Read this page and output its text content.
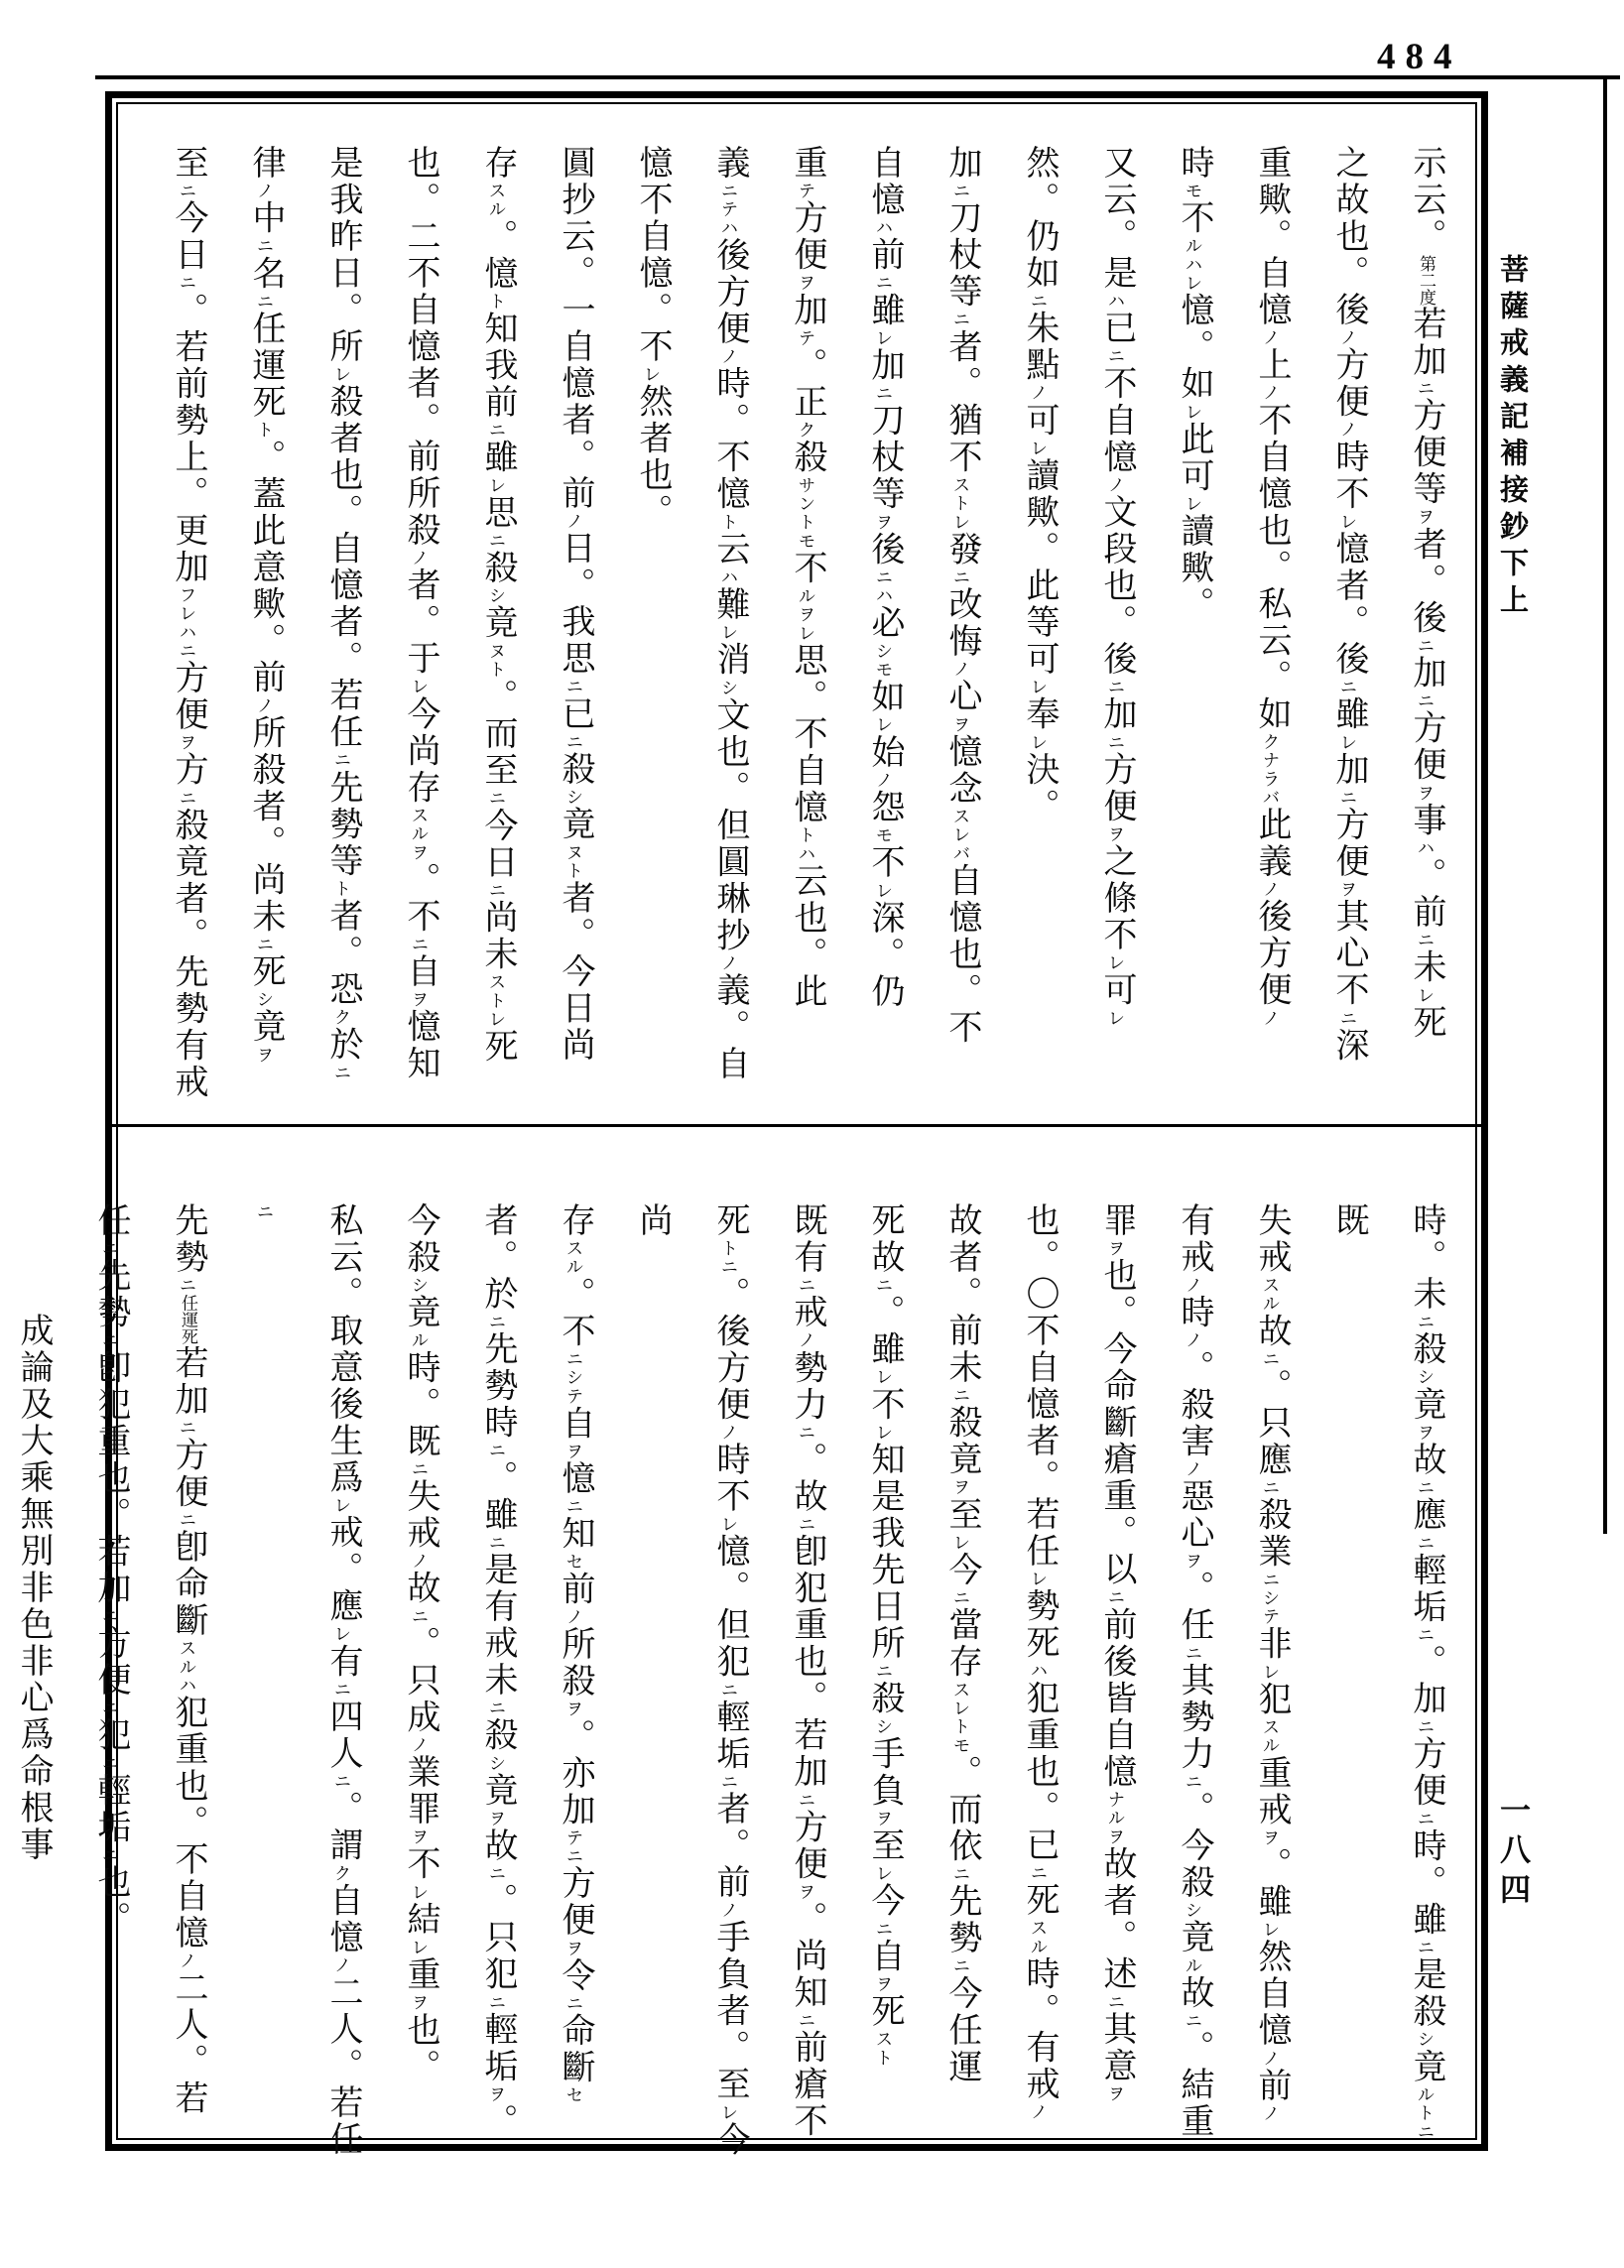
484
菩薩戒義記補接鈔下上
一八四
示云。第二度若加ニ方便等ヲ者。後ニ加ニ方便ヲ事ハ。前ニ未レ死
之故也。後ノ方便ノ時不レ憶者。後ニ雖レ加ニ方便ヲ其心不ニ深
重歟。自憶ノ上ノ不自憶也。私云。如クナラバ此義ノ後方便ノ
時モ不ルハレ憶。如レ此可レ讀歟。
又云。是ハ已ニ不自憶ノ文段也。後ニ加ニ方便ヲ之條不レ可レ
然。仍如ニ朱點ノ可レ讀歟。此等可レ奉レ決。
加ニ刀杖等ニ者。猶不ストレ發ニ改悔ノ心ヲ憶念スレバ自憶也。不
自憶ハ前ニ雖レ加ニ刀杖等ヲ後ニハ必シモ如レ始ノ怨モ不レ深。仍
重テ方便ヲ加テ。正ク殺サントモ不ルヲレ思。不自憶トハ云也。此
義ニテハ後方便ノ時。不憶ト云ハ難レ消シ文也。但圓琳抄ノ義。自
憶不自憶。不レ然者也。
圓抄云。一自憶者。前ノ日。我思ニ已ニ殺シ竟ヌト者。今日尚
存スル。憶ト知我前ニ雖レ思ニ殺シ竟ヌト。而至ニ今日ニ尚未ストレ死
也。二不自憶者。前所殺ノ者。于レ今尚存スルヲ。不ニ自ヲ憶知
是我昨日。所レ殺者也。自憶者。若任ニ先勢等ト者。恐ク於ニ
律ノ中ニ名ニ任運死ト。蓋此意歟。前ノ所殺者。尚未ニ死シ竟ヲ
至ニ今日ニ。若前勢上。更加フレハニ方便ヲ方ニ殺竟者。先勢有戒
時。未ニ殺シ竟ヲ故ニ應ニ輕垢ニ。加ニ方便ニ時。雖ニ是殺シ竟ルトニ既
失戒スル故ニ。只應ニ殺業ニシテ非レ犯スル重戒ヲ。雖レ然自憶ノ前ノ
有戒ノ時ノ。殺害ノ惡心ヲ。任ニ其勢力ニ。今殺シ竟ル故ニ。結重
罪ヲ也。今命斷瘡重。以ニ前後皆自憶ナルヲ故者。述ニ其意ヲ
也。〇不自憶者。若任レ勢死ハ犯重也。已ニ死スル時。有戒ノ
故者。前未ニ殺竟ヲ至レ今ニ當存スレトモ。而依ニ先勢ニ今任運
死故ニ。雖レ不レ知是我先日所ニ殺シ手負ヲ至レ今ニ自ヲ死スト
既有ニ戒ノ勢力ニ。故ニ卽犯重也。若加ニ方便ヲ。尚知ニ前瘡不
死トニ。後方便ノ時不レ憶。但犯ニ輕垢ニ者。前ノ手負者。至レ今尚
存スル。不ニシテ自ヲ憶ニ知セ前ノ所殺ヲ。亦加テニ方便ヲ令ニ命斷セ
者。於ニ先勢時ニ。雖ニ是有戒未ニ殺シ竟ヲ故ニ。只犯ニ輕垢ヲ。
今殺シ竟ル時。既ニ失戒ノ故ニ。只成ノ業罪ヲ不レ結レ重ヲ也。
私云。取意後生爲レ戒。應レ有ニ四人ニ。謂ク自憶ノ二人。若任ニ
先勢ニ任運死若加ニ方便ニ卽命斷スルハ犯重也。不自憶ノ二人。若
任ニ先勢ニ卽犯重也。若加ニ方便ニ犯ニ輕垢ニ也。
　　　成論及大乘無別非色非心爲命根事
